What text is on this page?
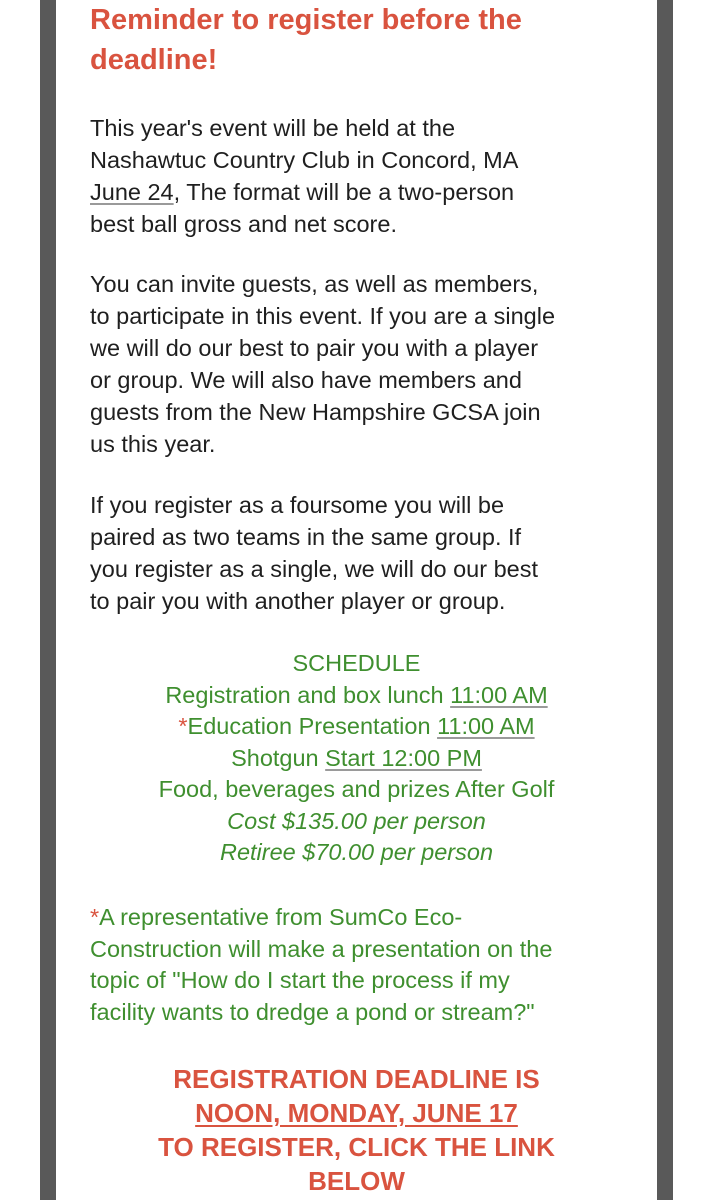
Reminder to register before the
deadline!
This year's event will be held at the
Nashawtuc Country Club in Concord, MA
June 24, The format will be a two-person
best ball gross and net score.
You can invite guests, as well as members,
to participate in this event. If you are a single
we will do our best to pair you with a player
or group. We will also have members and
guests from the New Hampshire GCSA join
us this year.
If you register as a foursome you will be
paired as two teams in the same group. If
you register as a single, we will do our best
to pair you with another player or group.
SCHEDULE
Registration and box lunch 11:00 AM
*Education Presentation 11:00 AM
Shotgun Start 12:00 PM
Food, beverages and prizes After Golf
Cost $135.00 per person
Retiree $70.00 per person
*A representative from SumCo Eco-
Construction will make a presentation on the
topic of "How do I start the process if my
facility wants to dredge a pond or stream?"
REGISTRATION DEADLINE IS
NOON, MONDAY, JUNE 17
TO REGISTER, CLICK THE LINK
BELOW
